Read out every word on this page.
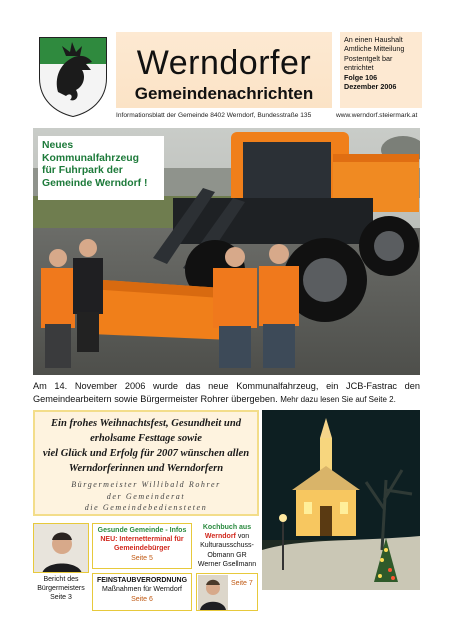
Werndorfer
Gemeindenachrichten
An einen Haushalt
Amtliche Mitteilung
Postentgelt bar
entrichtet
Folge 106
Dezember 2006
Informationsblatt der Gemeinde 8402 Werndorf, Bundesstraße 135	www.werndorf.steiermark.at
Neues
Kommunalfahrzeug
für Fuhrpark der
Gemeinde Werndorf !
Am 14. November 2006 wurde das neue Kommunalfahrzeug, ein JCB-Fastrac den Gemeindearbeitern sowie Bürgermeister Rohrer übergeben. Mehr dazu lesen Sie auf Seite 2.
Ein frohes Weihnachtsfest, Gesundheit und
erholsame Festtage sowie
viel Glück und Erfolg für 2007 wünschen allen
Werndorferinnen und Werndorfern
Bürgermeister Willibald Rohrer
der Gemeinderat
die Gemeindebediensteten
Bericht des
Bürgermeisters
Seite 3
Gesunde Gemeinde - Infos
NEU: Internetterminal für
Gemeindebürger
Seite 5
FEINSTAUBVERORDNUNG
Maßnahmen für Werndorf
Seite 6
Kochbuch aus
Werndorf von
Kulturausschuss-
Obmann GR
Werner Gsellmann
Seite 7
